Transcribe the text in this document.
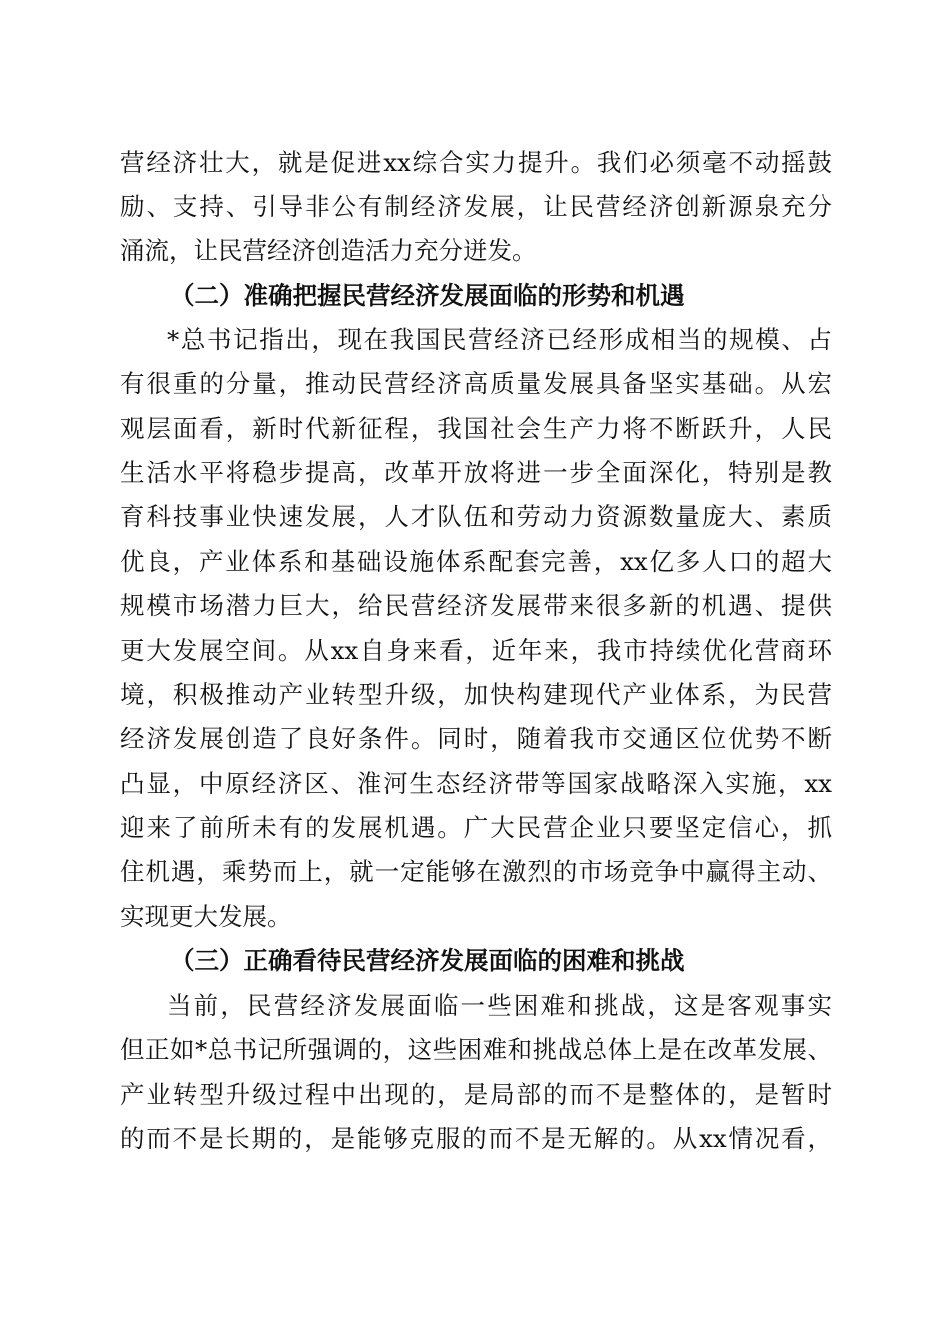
营经济壮大，就是促进xx综合实力提升。我们必须毫不动摇鼓
励、支持、引导非公有制经济发展，让民营经济创新源泉充分
涌流，让民营经济创造活力充分迸发。
（二）准确把握民营经济发展面临的形势和机遇
*总书记指出，现在我国民营经济已经形成相当的规模、占
有很重的分量，推动民营经济高质量发展具备坚实基础。从宏
观层面看，新时代新征程，我国社会生产力将不断跃升，人民
生活水平将稳步提高，改革开放将进一步全面深化，特别是教
育科技事业快速发展，人才队伍和劳动力资源数量庞大、素质
优良，产业体系和基础设施体系配套完善，xx亿多人口的超大
规模市场潜力巨大，给民营经济发展带来很多新的机遇、提供
更大发展空间。从xx自身来看，近年来，我市持续优化营商环
境，积极推动产业转型升级，加快构建现代产业体系，为民营
经济发展创造了良好条件。同时，随着我市交通区位优势不断
凸显，中原经济区、淮河生态经济带等国家战略深入实施，xx
迎来了前所未有的发展机遇。广大民营企业只要坚定信心，抓
住机遇，乘势而上，就一定能够在激烈的市场竞争中赢得主动、
实现更大发展。
（三）正确看待民营经济发展面临的困难和挑战
当前，民营经济发展面临一些困难和挑战，这是客观事实
但正如*总书记所强调的，这些困难和挑战总体上是在改革发展、
产业转型升级过程中出现的，是局部的而不是整体的，是暂时
的而不是长期的，是能够克服的而不是无解的。从xx情况看，
